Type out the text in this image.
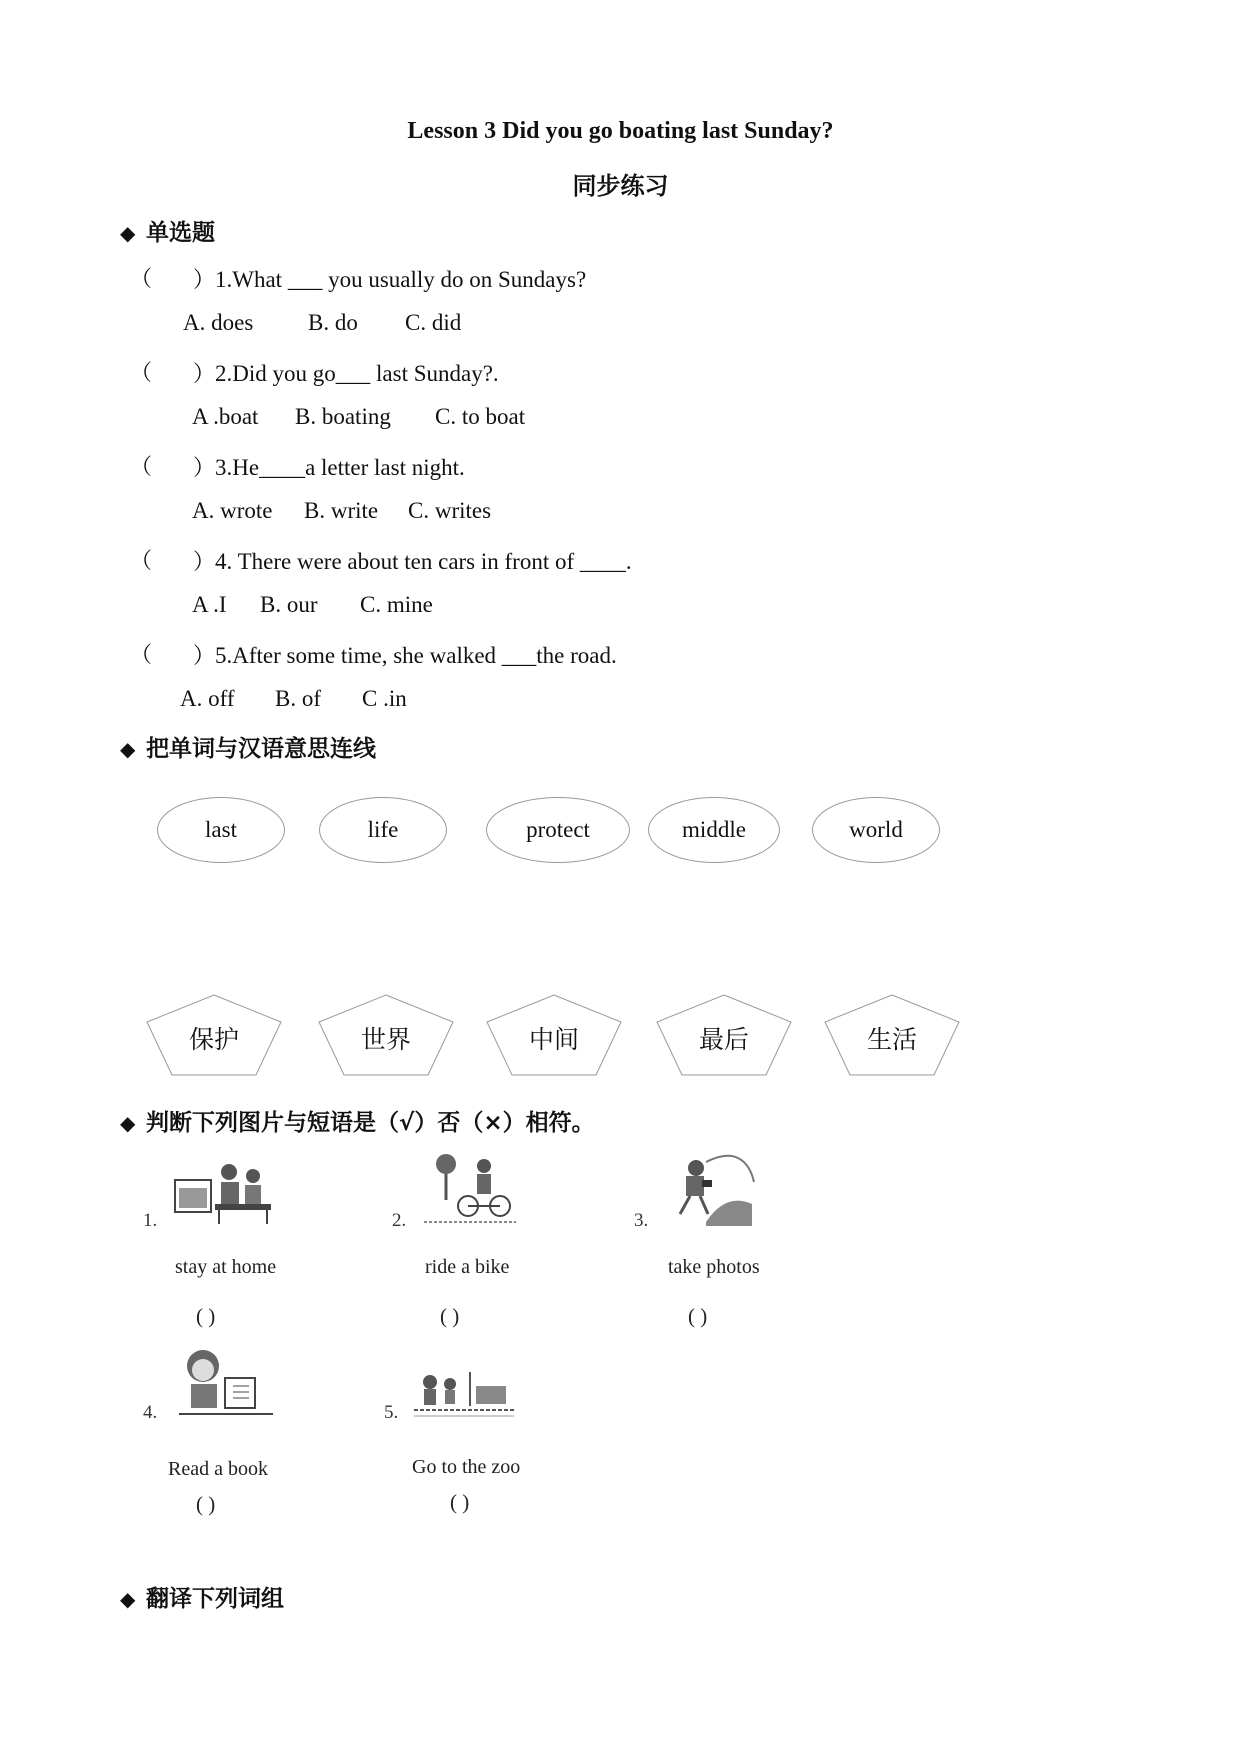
Lesson 3 Did you go boating last Sunday?
同步练习
◆ 单选题
（ ）1.What ___ you usually do on Sundays?
A. does B. do C. did
（ ）2.Did you go___ last Sunday?.
A .boat B. boating C. to boat
（ ）3.He____a letter last night.
A. wrote B. write C. writes
（ ）4. There were about ten cars in front of ____.
A .I B. our C. mine
（ ）5.After some time, she walked ___the road.
A. off B. of C .in
◆ 把单词与汉语意思连线
last	life	protect	middle	world
保护	世界	中间	最后	生活
◆ 判断下列图片与短语是（√）否（×）相符。
1.
stay at home
( )
2.
ride a bike
( )
3.
take photos
( )
4.
Read a book
( )
5.
Go to the zoo
( )
◆ 翻译下列词组
